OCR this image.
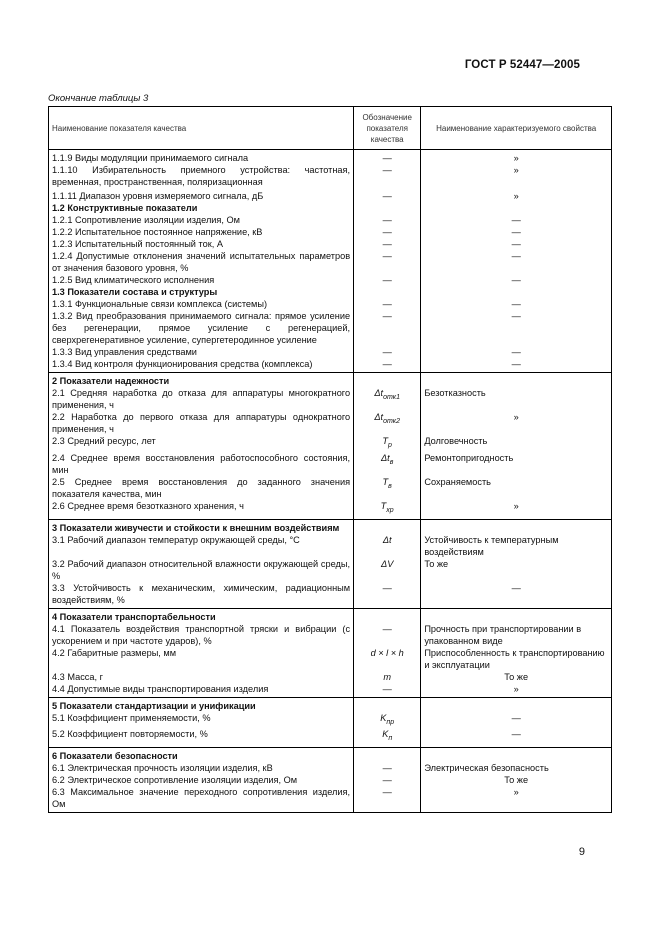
ГОСТ Р 52447—2005
Окончание таблицы 3
Наименование показателя качества	Обозначение показателя качества	Наименование характеризуемого свойства
1.1.9 Виды модуляции принимаемого сигнала	—	»
1.1.10 Избирательность приемного устройства: частотная, временная, пространственная, поляризационная	—	»
1.1.11 Диапазон уровня измеряемого сигнала, дБ	—	»
1.2 Конструктивные показатели		
1.2.1 Сопротивление изоляции изделия, Ом	—	—
1.2.2 Испытательное постоянное напряжение, кВ	—	—
1.2.3 Испытательный постоянный ток, А	—	—
1.2.4 Допустимые отклонения значений испытательных параметров от значения базового уровня, %	—	—
1.2.5 Вид климатического исполнения	—	—
1.3 Показатели состава и структуры		
1.3.1 Функциональные связи комплекса (системы)	—	—
1.3.2 Вид преобразования принимаемого сигнала: прямое усиление без регенерации, прямое усиление с регенерацией, сверхрегенеративное усиление, супергетеродинное усиление	—	—
1.3.3 Вид управления средствами	—	—
1.3.4 Вид контроля функционирования средства (комплекса)	—	—
2 Показатели надежности		
2.1 Средняя наработка до отказа для аппаратуры многократного применения, ч	$\Delta t_{отк1}$	Безотказность
2.2 Наработка до первого отказа для аппаратуры однократного применения, ч	$\Delta t_{отк2}$	»
2.3 Средний ресурс, лет	$T_р$	Долговечность
2.4 Среднее время восстановления работоспособного состояния, мин	$\Delta t_в$	Ремонтопригодность
2.5 Среднее время восстановления до заданного значения показателя качества, мин	$T_в$	Сохраняемость
2.6 Среднее время безотказного хранения, ч	$T_{хр}$	»
3 Показатели живучести и стойкости к внешним воздействиям		
3.1 Рабочий диапазон температур окружающей среды, °С	Δt	Устойчивость к температурным воздействиям
3.2 Рабочий диапазон относительной влажности окружающей среды, %	ΔV	То же
3.3 Устойчивость к механическим, химическим, радиационным воздействиям, %	—	—
4 Показатели транспортабельности		
4.1 Показатель воздействия транспортной тряски и вибрации (с ускорением и при частоте ударов), %	—	Прочность при транспортировании в упакованном виде
4.2 Габаритные размеры, мм	d × l × h	Приспособленность к транспортированию и эксплуатации
4.3 Масса, г	m	То же
4.4 Допустимые виды транспортирования изделия	—	»
5 Показатели стандартизации и унификации		
5.1 Коэффициент применяемости, %	$K_{пр}$	—
5.2 Коэффициент повторяемости, %	$K_п$	—
6 Показатели безопасности		
6.1 Электрическая прочность изоляции изделия, кВ	—	Электрическая безопасность
6.2 Электрическое сопротивление изоляции изделия, Ом	—	То же
6.3 Максимальное значение переходного сопротивления изделия, Ом	—	»
9
